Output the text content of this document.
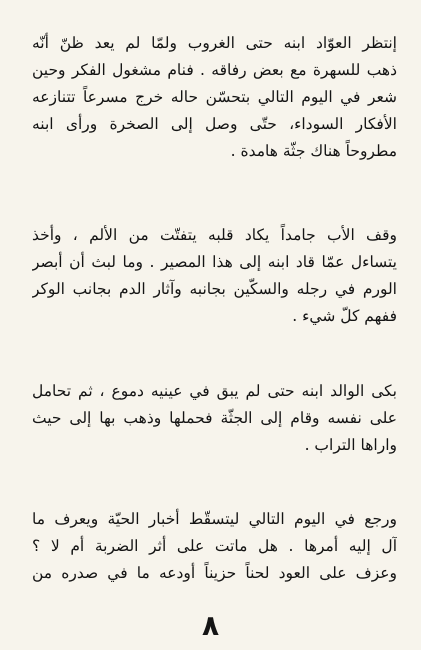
إنتظر العوّاد ابنه حتى الغروب ولمّا لم يعد ظنّ أنّه
ذهب للسهرة مع بعض رفاقه . فنام مشغول الفكر وحين
شعر في اليوم التالي بتحسّن حاله خرج مسرعاً تتنازعه
الأفكار السوداء، حتّى وصل إلى الصخرة ورأى ابنه
مطروحاً هناك جثّة هامدة .
وقف الأب جامداً يكاد قلبه يتفتّت من الألم ، وأخذ
يتساءل عمّا قاد ابنه إلى هذا المصير . وما لبث أن أبصر
الورم في رجله والسكّين بجانبه وآثار الدم بجانب الوكر
ففهم كلّ شيء .
بكى الوالد ابنه حتى لم يبق في عينيه دموع ، ثم تحامل
على نفسه وقام إلى الجثّة فحملها وذهب بها إلى حيث
واراها التراب .
ورجع في اليوم التالي ليتسقّط أخبار الحيّة ويعرف ما
آل إليه أمرها . هل ماتت على أثر الضربة أم لا ؟
وعزف على العود لحناً حزيناً أودعه ما في صدره من
٨
